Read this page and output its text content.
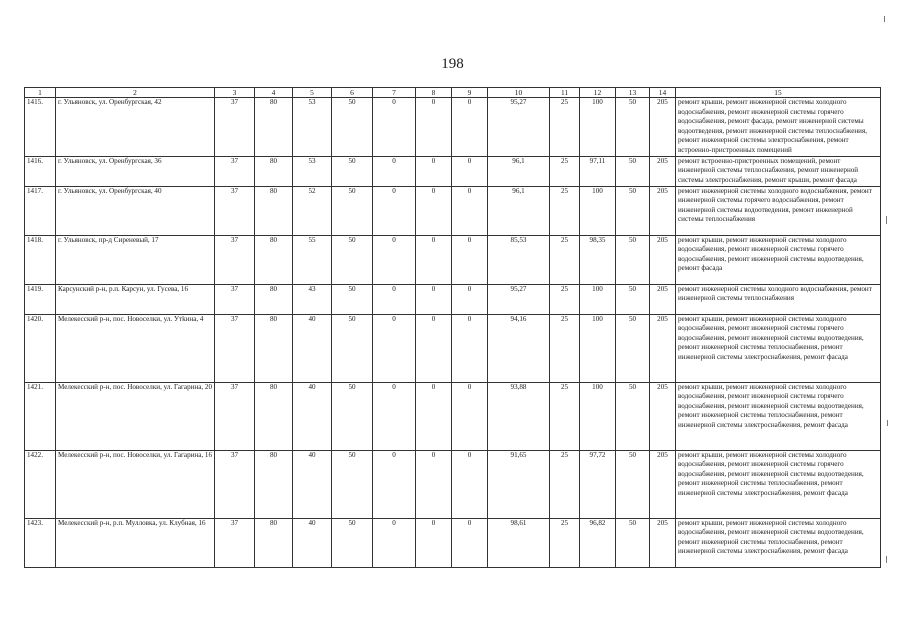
198
1	2	3	4	5	6	7	8	9	10	11	12	13	14	15
1415.	г. Ульяновск, ул. Оренбургская, 42	37	80	53	50	0	0	0	95,27	25	100	50	205	ремонт крыши, ремонт инженерной системы холодного водоснабжения, ремонт инженерной системы горячего водоснабжения, ремонт фасада, ремонт инженерной системы водоотведения, ремонт инженерной системы теплоснабжения, ремонт инженерной системы электроснабжения, ремонт встроенно-пристроенных помещений
1416.	г. Ульяновск, ул. Оренбургская, 36	37	80	53	50	0	0	0	96,1	25	97,11	50	205	ремонт встроенно-пристроенных помещений, ремонт инженерной системы теплоснабжения, ремонт инженерной системы электроснабжения, ремонт крыши, ремонт фасада
1417.	г. Ульяновск, ул. Оренбургская, 40	37	80	52	50	0	0	0	96,1	25	100	50	205	ремонт инженерной системы холодного водоснабжения, ремонт инженерной системы горячего водоснабжения, ремонт инженерной системы водоотведения, ремонт инженерной системы теплоснабжения
1418.	г. Ульяновск, пр-д Сиреневый, 17	37	80	55	50	0	0	0	85,53	25	98,35	50	205	ремонт крыши, ремонт инженерной системы холодного водоснабжения, ремонт инженерной системы горячего водоснабжения, ремонт инженерной системы водоотведения, ремонт фасада
1419.	Карсунский р-н, р.п. Карсун, ул. Гусева, 16	37	80	43	50	0	0	0	95,27	25	100	50	205	ремонт инженерной системы холодного водоснабжения, ремонт инженерной системы теплоснабжения
1420.	Мелекесский р-н, пос. Новоселки, ул. Утkина, 4	37	80	40	50	0	0	0	94,16	25	100	50	205	ремонт крыши, ремонт инженерной системы холодного водоснабжения, ремонт инженерной системы горячего водоснабжения, ремонт инженерной системы водоотведения, ремонт инженерной системы теплоснабжения, ремонт инженерной системы электроснабжения, ремонт фасада
1421.	Мелекесский р-н, пос. Новоселки, ул. Гагарина, 20	37	80	40	50	0	0	0	93,88	25	100	50	205	ремонт крыши, ремонт инженерной системы холодного водоснабжения, ремонт инженерной системы горячего водоснабжения, ремонт инженерной системы водоотведения, ремонт инженерной системы теплоснабжения, ремонт инженерной системы электроснабжения, ремонт фасада
1422.	Мелекесский р-н, пос. Новоселки, ул. Гагарина, 16	37	80	40	50	0	0	0	91,65	25	97,72	50	205	ремонт крыши, ремонт инженерной системы холодного водоснабжения, ремонт инженерной системы горячего водоснабжения, ремонт инженерной системы водоотведения, ремонт инженерной системы теплоснабжения, ремонт инженерной системы электроснабжения, ремонт фасада
1423.	Мелекесский р-н, р.п. Мулловка, ул. Клубная, 16	37	80	40	50	0	0	0	98,61	25	96,82	50	205	ремонт крыши, ремонт инженерной системы холодного водоснабжения, ремонт инженерной системы водоотведения, ремонт инженерной системы теплоснабжения, ремонт инженерной системы электроснабжения, ремонт фасада
